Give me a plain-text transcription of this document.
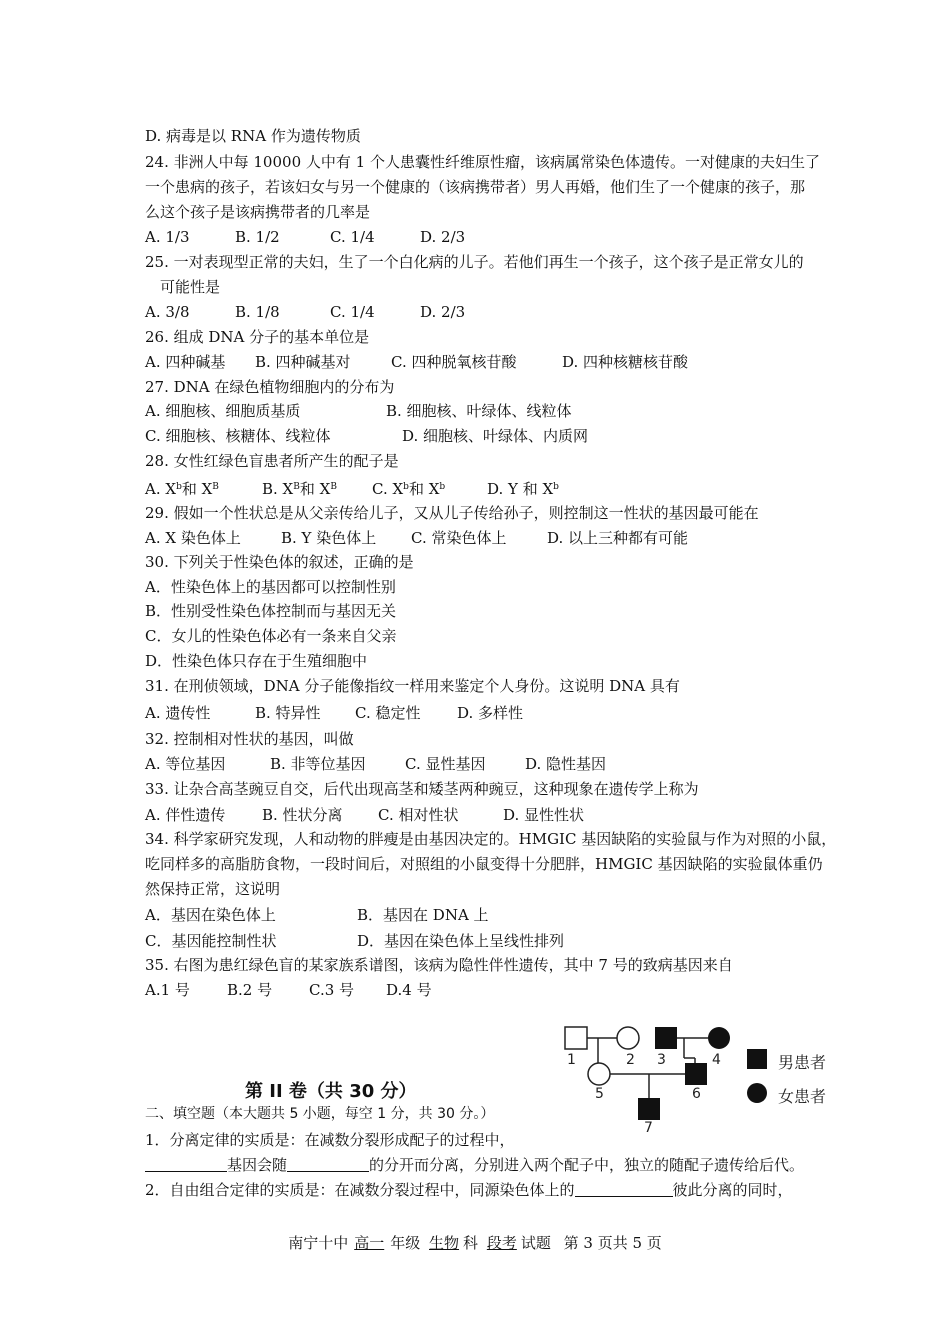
D. 病毒是以 RNA 作为遗传物质
24. 非洲人中每 10000 人中有 1 个人患囊性纤维原性瘤，该病属常染色体遗传。一对健康的夫妇生了
一个患病的孩子，若该妇女与另一个健康的（该病携带者）男人再婚，他们生了一个健康的孩子，那
么这个孩子是该病携带者的几率是
A. 1/3	B. 1/2	C. 1/4	D. 2/3
25. 一对表现型正常的夫妇，生了一个白化病的儿子。若他们再生一个孩子，这个孩子是正常女儿的
可能性是
A. 3/8	B. 1/8	C. 1/4	D. 2/3
26. 组成 DNA 分子的基本单位是
A. 四种碱基 B. 四种碱基对	C. 四种脱氧核苷酸	D. 四种核糖核苷酸
27. DNA 在绿色植物细胞内的分布为
A. 细胞核、细胞质基质	B. 细胞核、叶绿体、线粒体
C. 细胞核、核糖体、线粒体	D. 细胞核、叶绿体、内质网
28. 女性红绿色盲患者所产生的配子是
A. $X^b$和 $X^B$	B. $X^B$和 $X^B$ C. $X^b$和 $X^b$	D. Y 和 $X^b$
29. 假如一个性状总是从父亲传给儿子，又从儿子传给孙子，则控制这一性状的基因最可能在
A. X 染色体上	B. Y 染色体上 C. 常染色体上	D. 以上三种都有可能
30. 下列关于性染色体的叙述，正确的是
A．性染色体上的基因都可以控制性别
B．性别受性染色体控制而与基因无关
C．女儿的性染色体必有一条来自父亲
D．性染色体只存在于生殖细胞中
31. 在刑侦领域，DNA 分子能像指纹一样用来鉴定个人身份。这说明 DNA 具有
A. 遗传性	B. 特异性 C. 稳定性 D. 多样性
32. 控制相对性状的基因，叫做
A. 等位基因	B. 非等位基因	C. 显性基因	D. 隐性基因
33. 让杂合高茎豌豆自交，后代出现高茎和矮茎两种豌豆，这种现象在遗传学上称为
A. 伴性遗传 B. 性状分离 C. 相对性状	D. 显性性状
34. 科学家研究发现，人和动物的胖瘦是由基因决定的。HMGIC 基因缺陷的实验鼠与作为对照的小鼠，
吃同样多的高脂肪食物，一段时间后，对照组的小鼠变得十分肥胖，HMGIC 基因缺陷的实验鼠体重仍
然保持正常，这说明
A．基因在染色体上	B．基因在 DNA 上
C．基因能控制性状	D．基因在染色体上呈线性排列
35. 右图为患红绿色盲的某家族系谱图，该病为隐性伴性遗传，其中 7 号的致病基因来自
A.1 号 B.2 号 C.3 号 D.4 号
1	2 3	4
5	6
7
男患者
女患者
第 II 卷（共 30 分）
二、填空题（本大题共 5 小题，每空 1 分，共 30 分。）
1．分离定律的实质是：在减数分裂形成配子的过程中，
基因会随	的分开而分离，分别进入两个配子中，独立的随配子遗传给后代。
2．自由组合定律的实质是：在减数分裂过程中，同源染色体上的	彼此分离的同时，
南宁十中 高一 年级 生物 科 段考 试题 第 3 页共 5 页
